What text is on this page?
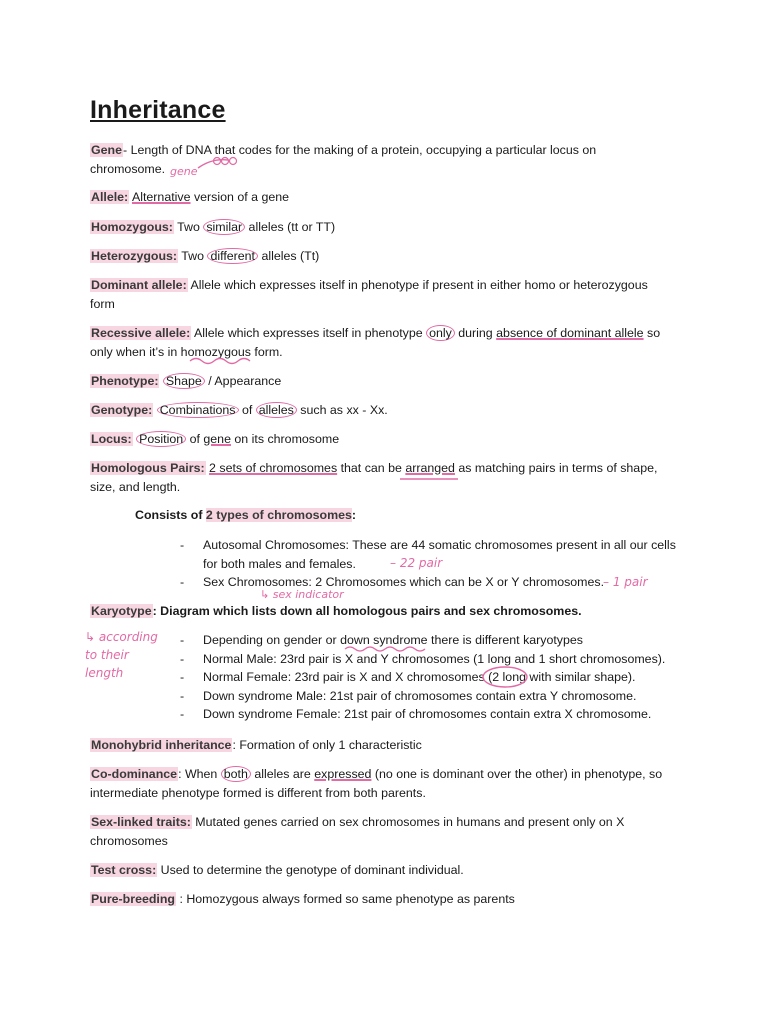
Inheritance
Gene- Length of DNA that codes for the making of a protein, occupying a particular locus on chromosome.
Allele: Alternative version of a gene
Homozygous: Two similar alleles (tt or TT)
Heterozygous: Two different alleles (Tt)
Dominant allele: Allele which expresses itself in phenotype if present in either homo or heterozygous form
Recessive allele: Allele which expresses itself in phenotype only during absence of dominant allele so only when it’s in homozygous form.
Phenotype: Shape / Appearance
Genotype: Combinations of alleles such as xx - Xx.
Locus: Position of gene on its chromosome
Homologous Pairs: 2 sets of chromosomes that can be arranged as matching pairs in terms of shape, size, and length.
Consists of 2 types of chromosomes:
- Autosomal Chromosomes: These are 44 somatic chromosomes present in all our cells for both males and females.
- Sex Chromosomes: 2 Chromosomes which can be X or Y chromosomes.
Karyotype: Diagram which lists down all homologous pairs and sex chromosomes.
- Depending on gender or down syndrome there is different karyotypes
- Normal Male: 23rd pair is X and Y chromosomes (1 long and 1 short chromosomes).
- Normal Female: 23rd pair is X and X chromosomes (2 long with similar shape).
- Down syndrome Male: 21st pair of chromosomes contain extra Y chromosome.
- Down syndrome Female: 21st pair of chromosomes contain extra X chromosome.
Monohybrid inheritance: Formation of only 1 characteristic
Co-dominance: When both alleles are expressed (no one is dominant over the other) in phenotype, so intermediate phenotype formed is different from both parents.
Sex-linked traits: Mutated genes carried on sex chromosomes in humans and present only on X chromosomes
Test cross: Used to determine the genotype of dominant individual.
Pure-breeding : Homozygous always formed so same phenotype as parents
gene
– 22 pair
↳ sex indicator
– 1 pair
↳ according to their length
